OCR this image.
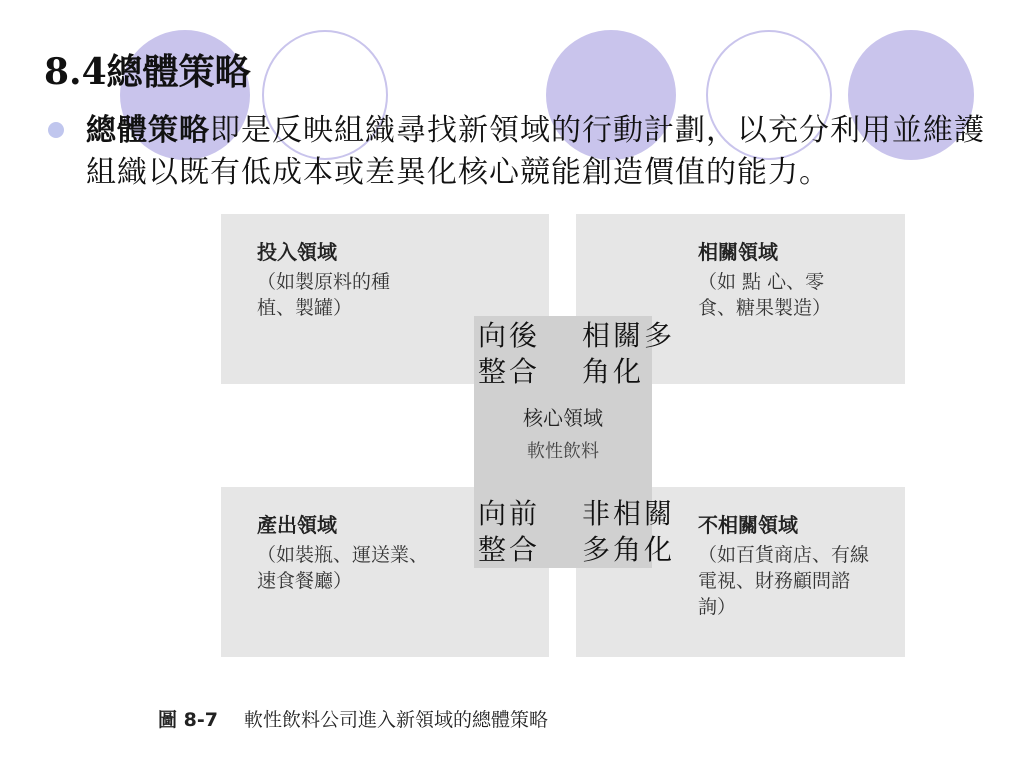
8.4總體策略
總體策略即是反映組織尋找新領域的行動計劃，以充分利用並維護組織以既有低成本或差異化核心競能創造價值的能力。
投入領域
（如製原料的種植、製罐）
相關領域
（如 點 心、零食、糖果製造）
產出領域
（如裝瓶、運送業、速食餐廳）
不相關領域
（如百貨商店、有線電視、財務顧問諮詢）
核心領域
軟性飲料
向後
整合
相關多
角化
向前
整合
非相關
多角化
圖 8-7 軟性飲料公司進入新領域的總體策略
